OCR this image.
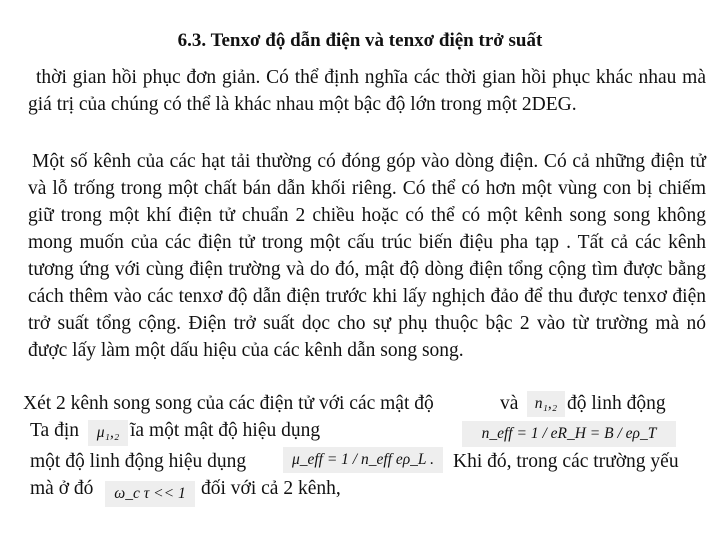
6.3. Tenxơ độ dẫn điện và tenxơ điện trở suất
thời gian hồi phục đơn giản. Có thể định nghĩa các thời gian hồi phục khác nhau mà giá trị của chúng có thể là khác nhau một bậc độ lớn trong một 2DEG.
Một số kênh của các hạt tải thường có đóng góp vào dòng điện. Có cả những điện tử và lỗ trống trong một chất bán dẫn khối riêng. Có thể có hơn một vùng con bị chiếm giữ trong một khí điện tử chuẩn 2 chiều hoặc có thể có một kênh song song không mong muốn của các điện tử trong một cấu trúc biến điệu pha tạp . Tất cả các kênh tương ứng với cùng điện trường và do đó, mật độ dòng điện tổng cộng tìm được bằng cách thêm vào các tenxơ độ dẫn điện trước khi lấy nghịch đảo để thu được tenxơ điện trở suất tổng cộng. Điện trở suất dọc cho sự phụ thuộc bậc 2 vào từ trường mà nó được lấy làm một dấu hiệu của các kênh dẫn song song.
Xét 2 kênh song song của các điện tử với các mật độ	và	n₁,₂ độ linh động
Ta địn	μ₁,₂ ĩa một mật độ hiệu dụng	n_eff = 1 / eR_H = B / eρ_T
một độ linh động hiệu dụng	μ_eff = 1 / n_eff eρ_L . Khi đó, trong các trường yếu
mà ở đó	ω_c τ << 1 đối với cả 2 kênh,
